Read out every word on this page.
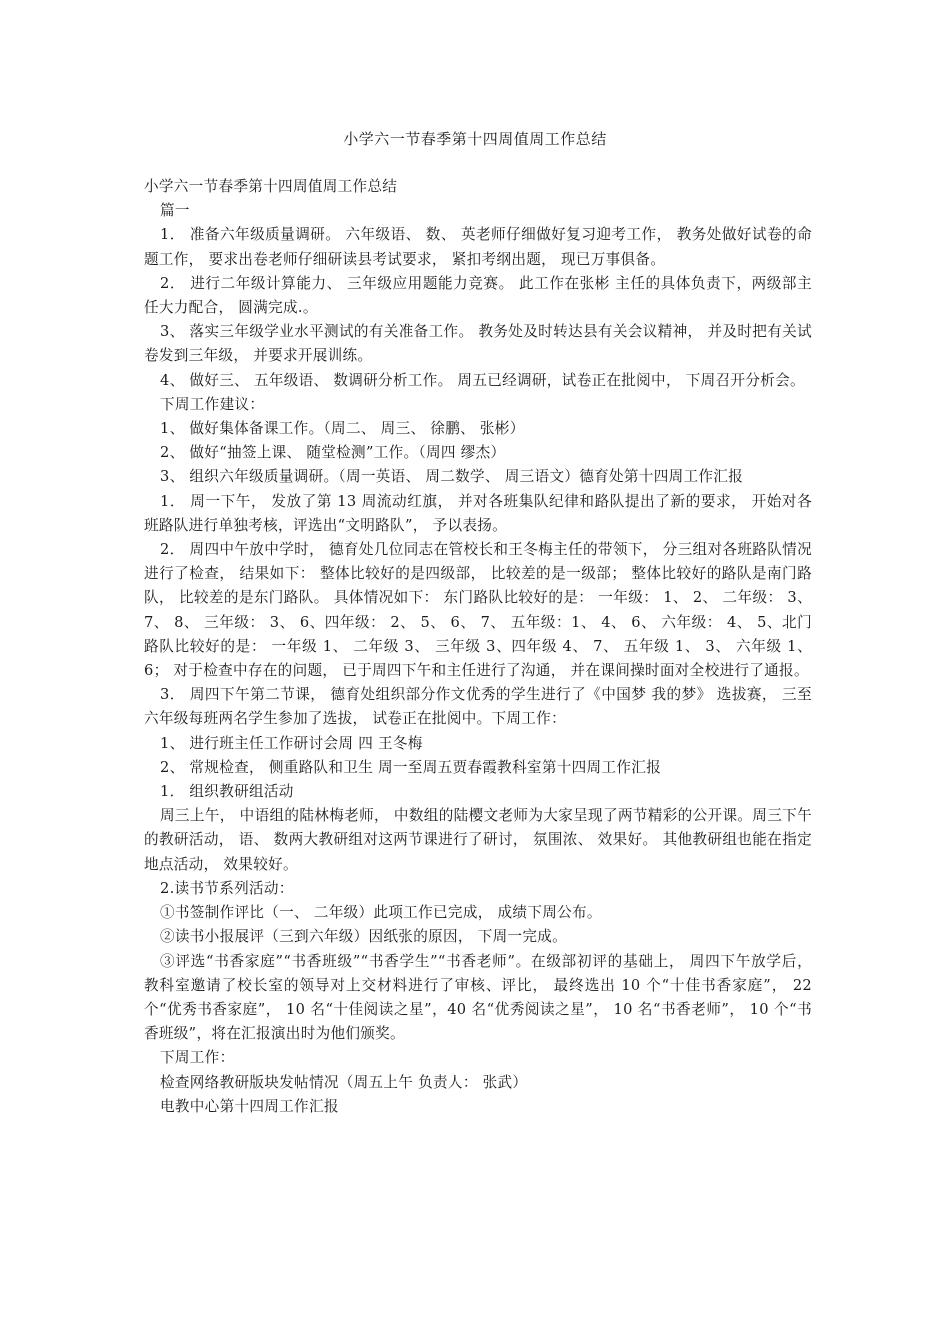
小学六一节春季第十四周值周工作总结

小学六一节春季第十四周值周工作总结

篇一

1． 准备六年级质量调研。 六年级语、 数、 英老师仔细做好复习迎考工作， 教务处做好试卷的命题工作， 要求出卷老师仔细研读县考试要求， 紧扣考纲出题， 现已万事俱备。

2． 进行二年级计算能力、 三年级应用题能力竞赛。 此工作在张彬 主任的具体负责下，两级部主任大力配合， 圆满完成.。

3、 落实三年级学业水平测试的有关准备工作。 教务处及时转达县有关会议精神， 并及时把有关试卷发到三年级， 并要求开展训练。

4、 做好三、 五年级语、 数调研分析工作。 周五已经调研，试卷正在批阅中， 下周召开分析会。

下周工作建议：

1、 做好集体备课工作。（周二、 周三、 徐鹏、 张彬）

2、 做好“抽签上课、 随堂检测”工作。（周四 缪杰）

3、 组织六年级质量调研。（周一英语、 周二数学、 周三语文）德育处第十四周工作汇报

1． 周一下午， 发放了第 13 周流动红旗， 并对各班集队纪律和路队提出了新的要求， 开始对各班路队进行单独考核，评选出“文明路队”， 予以表扬。

2． 周四中午放中学时， 德育处几位同志在管校长和王冬梅主任的带领下， 分三组对各班路队情况进行了检查， 结果如下： 整体比较好的是四级部， 比较差的是一级部； 整体比较好的路队是南门路队， 比较差的是东门路队。 具体情况如下： 东门路队比较好的是： 一年级： 1、 2、 二年级： 3、 7、 8、 三年级： 3、 6、四年级： 2、 5、 6、 7、 五年级：1、 4、 6、 六年级： 4、 5、北门路队比较好的是： 一年级 1、 二年级 3、 三年级 3、四年级 4、 7、 五年级 1、 3、 六年级 1、 6； 对于检查中存在的问题， 已于周四下午和主任进行了沟通， 并在课间操时面对全校进行了通报。

3． 周四下午第二节课， 德育处组织部分作文优秀的学生进行了《中国梦 我的梦》 选拔赛， 三至六年级每班两名学生参加了选拔， 试卷正在批阅中。下周工作：

1、 进行班主任工作研讨会周 四 王冬梅

2、 常规检查， 侧重路队和卫生 周一至周五贾春霞教科室第十四周工作汇报

1． 组织教研组活动

周三上午， 中语组的陆林梅老师， 中数组的陆樱文老师为大家呈现了两节精彩的公开课。周三下午的教研活动， 语、 数两大教研组对这两节课进行了研讨， 氛围浓、 效果好。 其他教研组也能在指定地点活动， 效果较好。

2.读书节系列活动：

①书签制作评比（一、 二年级）此项工作已完成， 成绩下周公布。

②读书小报展评（三到六年级）因纸张的原因， 下周一完成。

③评选“书香家庭”“书香班级”“书香学生”“书香老师”。在级部初评的基础上， 周四下午放学后， 教科室邀请了校长室的领导对上交材料进行了审核、评比， 最终选出 10 个“十佳书香家庭”， 22 个“优秀书香家庭”， 10 名“十佳阅读之星”，40 名“优秀阅读之星”， 10 名“书香老师”， 10 个“书香班级”，将在汇报演出时为他们颁奖。

下周工作：

检查网络教研版块发帖情况（周五上午 负责人： 张武）

电教中心第十四周工作汇报
